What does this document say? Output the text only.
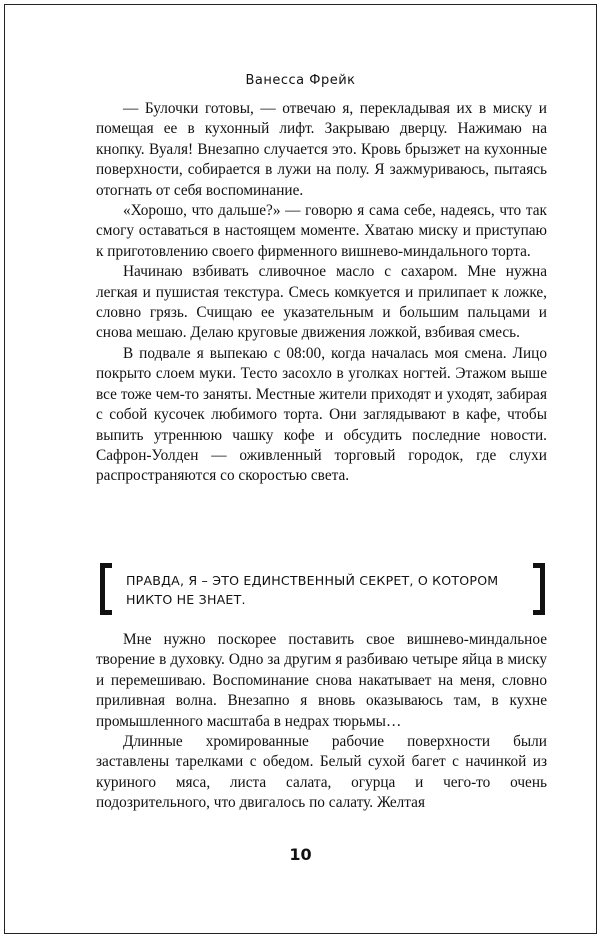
Ванесса Фрейк

— Булочки готовы, — отвечаю я, перекладывая их в миску и помещая ее в кухонный лифт. Закрываю дверцу. Нажимаю на кнопку. Вуаля! Внезапно случается это. Кровь брызжет на кухонные поверхности, собирается в лужи на полу. Я зажмуриваюсь, пытаясь отогнать от себя воспоминание.

«Хорошо, что дальше?» — говорю я сама себе, надеясь, что так смогу оставаться в настоящем моменте. Хватаю миску и приступаю к приготовлению своего фирменного вишнево-миндального торта.

Начинаю взбивать сливочное масло с сахаром. Мне нужна легкая и пушистая текстура. Смесь комкуется и прилипает к ложке, словно грязь. Счищаю ее указательным и большим пальцами и снова мешаю. Делаю круговые движения ложкой, взбивая смесь.

В подвале я выпекаю с 08:00, когда началась моя смена. Лицо покрыто слоем муки. Тесто засохло в уголках ногтей. Этажом выше все тоже чем-то заняты. Местные жители приходят и уходят, забирая с собой кусочек любимого торта. Они заглядывают в кафе, чтобы выпить утреннюю чашку кофе и обсудить последние новости. Сафрон-Уолден — оживленный торговый городок, где слухи распространяются со скоростью света.

ПРАВДА, Я – ЭТО ЕДИНСТВЕННЫЙ СЕКРЕТ, О КОТОРОМ НИКТО НЕ ЗНАЕТ.

Мне нужно поскорее поставить свое вишнево-миндальное творение в духовку. Одно за другим я разбиваю четыре яйца в миску и перемешиваю. Воспоминание снова накатывает на меня, словно приливная волна. Внезапно я вновь оказываюсь там, в кухне промышленного масштаба в недрах тюрьмы…

Длинные хромированные рабочие поверхности были заставлены тарелками с обедом. Белый сухой багет с начинкой из куриного мяса, листа салата, огурца и чего-то очень подозрительного, что двигалось по салату. Желтая

10
